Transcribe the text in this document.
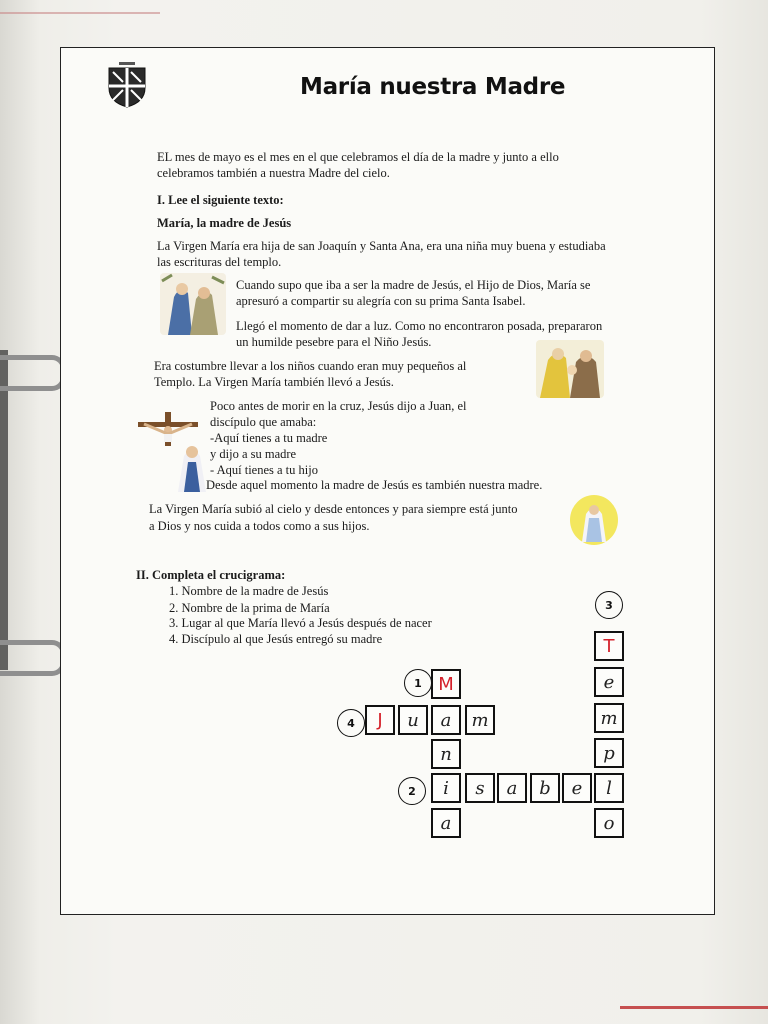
María nuestra Madre
EL mes de mayo es el mes en el que celebramos el día de la madre y junto a ello
celebramos también a nuestra Madre del cielo.
I. Lee el siguiente texto:
María, la madre de Jesús
La Virgen María era hija de san Joaquín y Santa Ana, era una niña muy buena y estudiaba
las escrituras del templo.
Cuando supo que iba a ser la madre de Jesús, el Hijo de Dios, María se
apresuró a compartir su alegría con su prima Santa Isabel.
Llegó el momento de dar a luz. Como no encontraron posada, prepararon
un humilde pesebre para el Niño Jesús.
Era costumbre llevar a los niños cuando eran muy pequeños al
Templo. La Virgen María también llevó a Jesús.
Poco antes de morir en la cruz, Jesús dijo a Juan, el
discípulo que amaba:
-Aquí tienes a tu madre
y dijo a su madre
- Aquí tienes a tu hijo
Desde aquel momento la madre de Jesús es también nuestra madre.
La Virgen María subió al cielo y desde entonces y para siempre está junto
a Dios y nos cuida a todos como a sus hijos.
II. Completa el crucigrama:
1. Nombre de la madre de Jesús
2. Nombre de la prima de María
3. Lugar al que María llevó a Jesús después de nacer
4. Discípulo al que Jesús entregó su madre
1
2
3
4
M
a
n
i
a
J	u	m
s	a	b	e
T
e
m
p
l
o
